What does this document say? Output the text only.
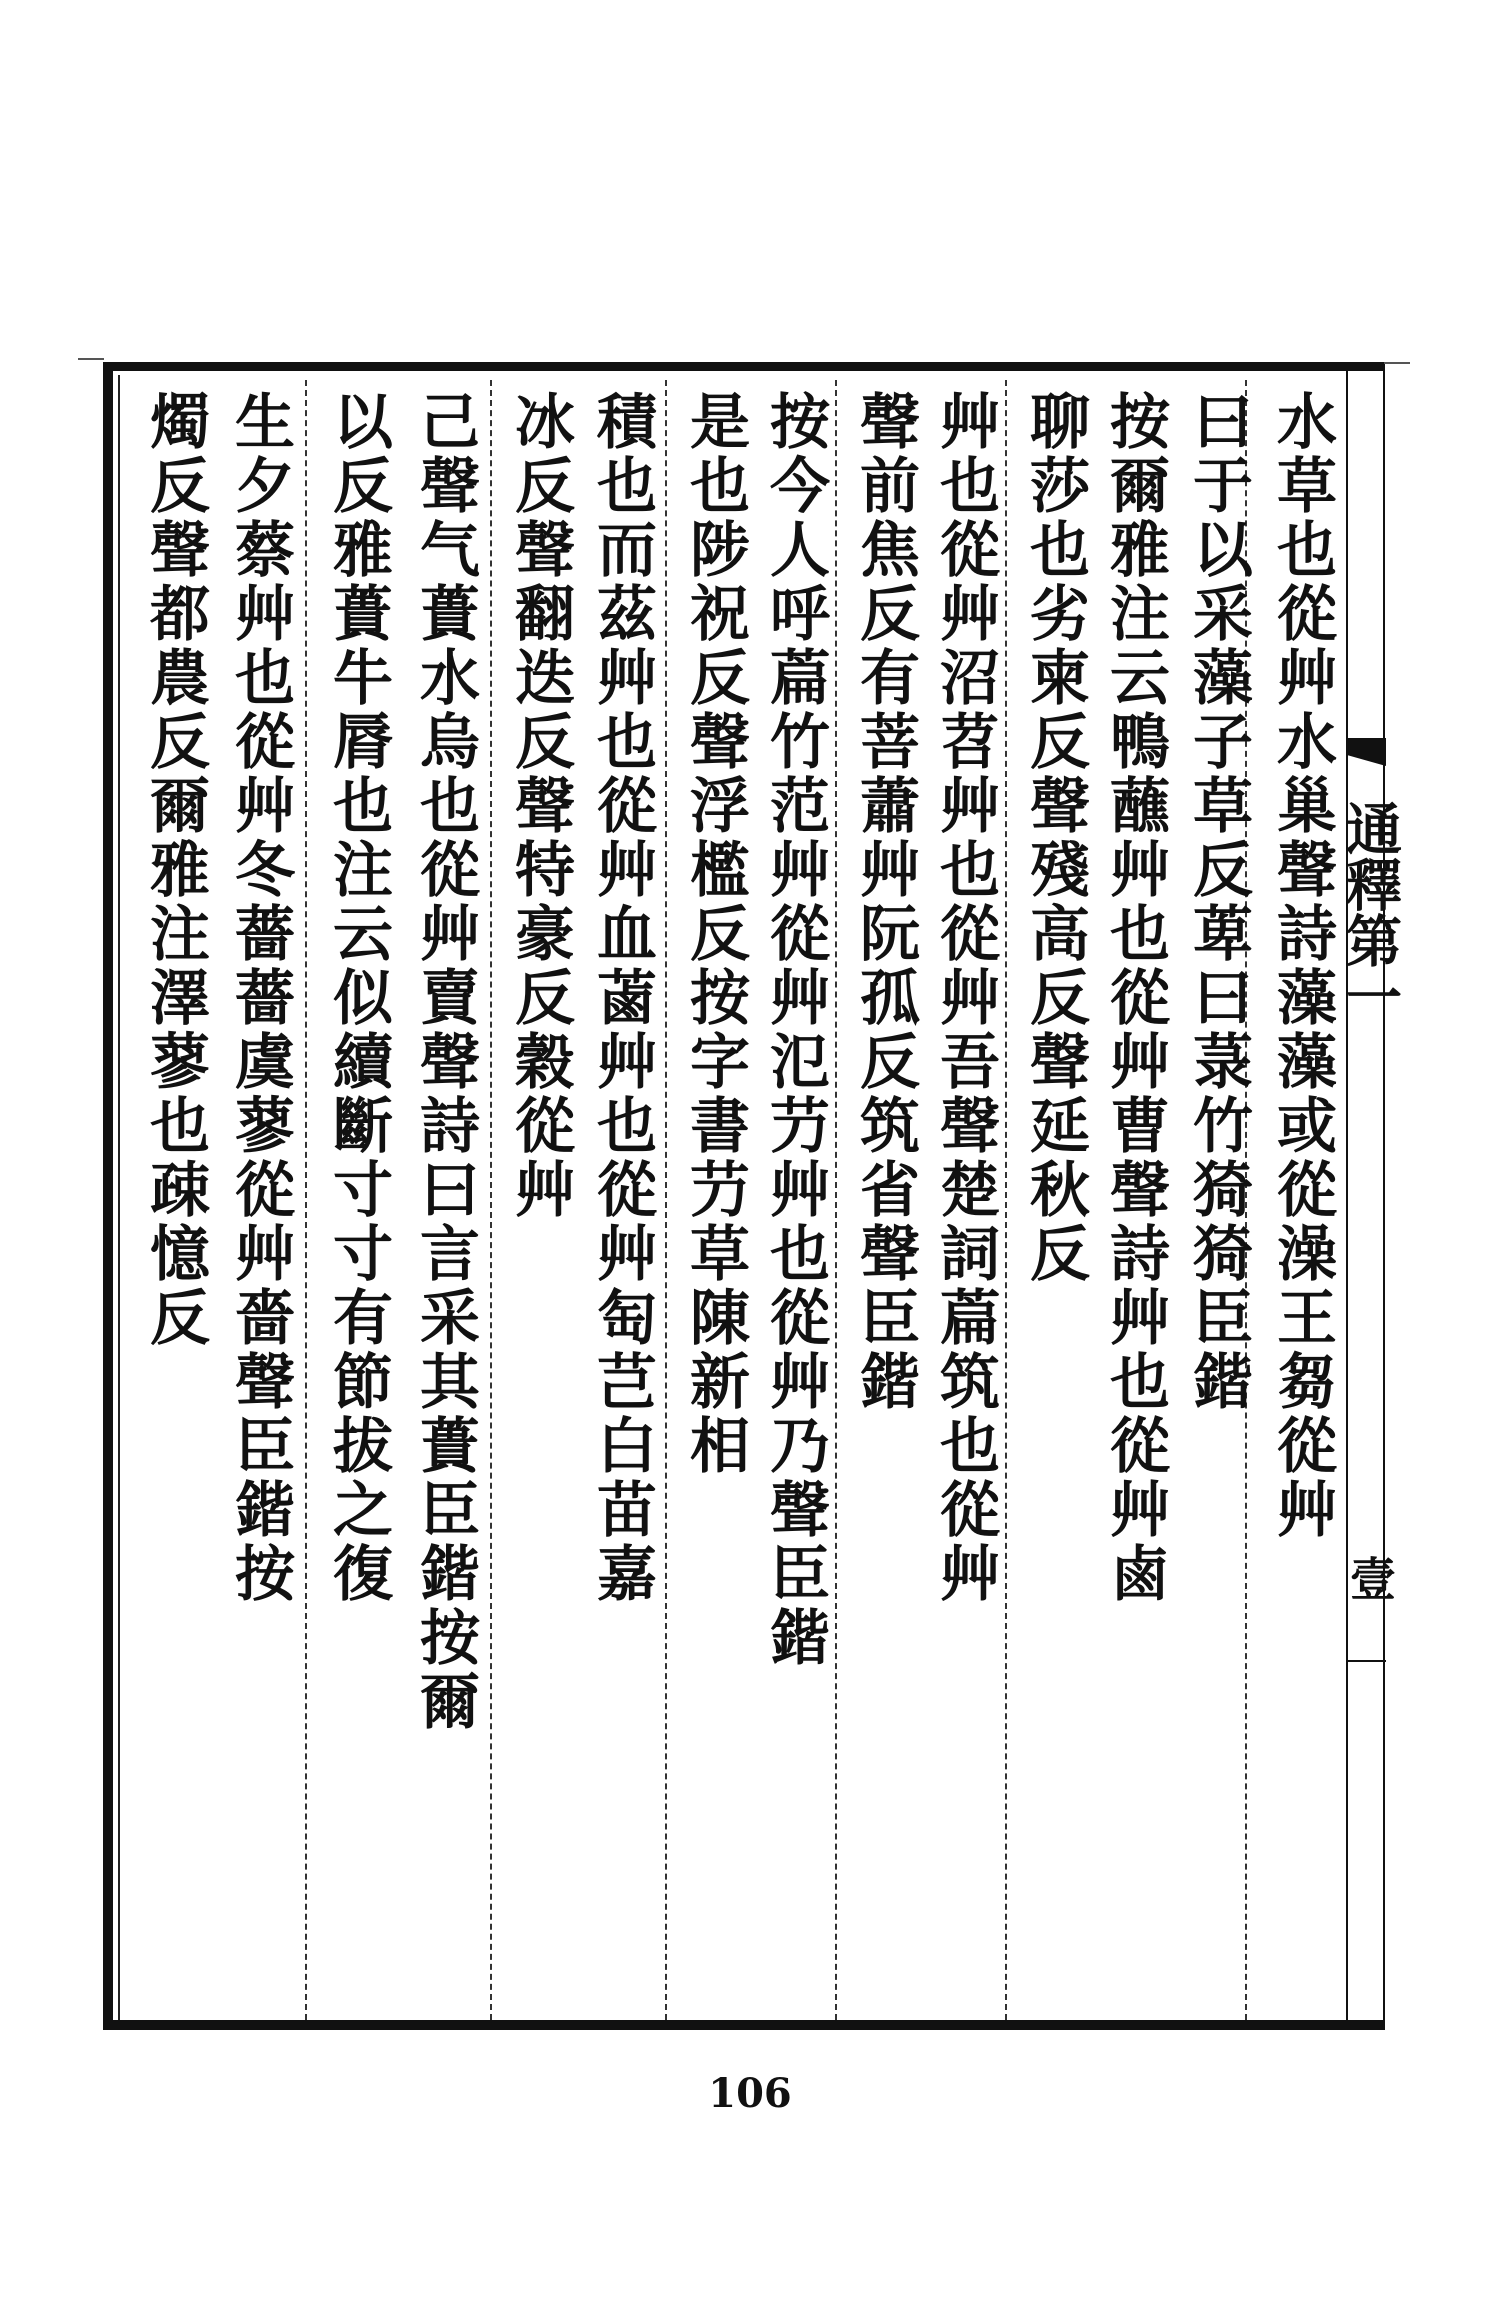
通釋第一
壹
水草也從艸水巢聲詩藻藻或從澡王芻從艸
曰于以采藻子草反萆曰菉竹猗猗臣鍇
按爾雅注云鴨蘸艸也從艸曹聲詩艸也從艸鹵
聊莎也劣柬反聲殘高反聲延秋反
艸也從艸沼苕艸也從艸吾聲楚詞萹筑也從艸
聲前焦反有菩蕭艸阮孤反筑省聲臣鍇
按今人呼萹竹范艸從艸氾芀艸也從艸乃聲臣鍇
是也陟祝反聲浮檻反按字書芀草陳新相
積也而茲艸也從艸血蓾艸也從艸匋芑白苗嘉
冰反聲翻迭反聲特豪反穀從艸
己聲气蕢水烏也從艸賣聲詩曰言采其蕢臣鍇按爾
以反雅蕢牛脣也注云似續斷寸寸有節拔之復
生夕蔡艸也從艸冬薔薔虞蓼從艸嗇聲臣鍇按
燭反聲都農反爾雅注澤蓼也疎憶反
106
